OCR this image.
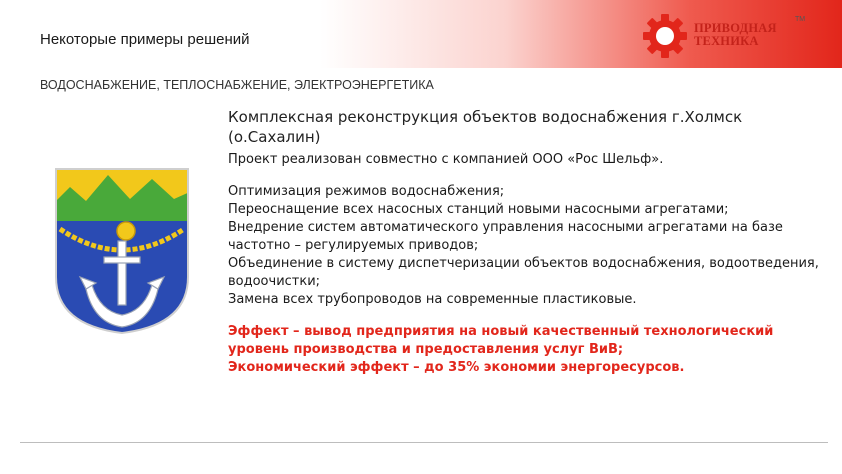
Некоторые примеры решений
ПРИВОДНАЯ
ТЕХНИКА
TM
ВОДОСНАБЖЕНИЕ, ТЕПЛОСНАБЖЕНИЕ, ЭЛЕКТРОЭНЕРГЕТИКА
Комплексная реконструкция объектов водоснабжения г.Холмск (о.Сахалин)
Проект реализован совместно с компанией ООО «Рос Шельф».
Оптимизация режимов водоснабжения;
Переоснащение всех насосных станций новыми насосными агрегатами;
Внедрение систем автоматического управления насосными агрегатами на базе частотно – регулируемых приводов;
Объединение в систему диспетчеризации объектов водоснабжения, водоотведения, водоочистки;
Замена всех трубопроводов на современные пластиковые.
Эффект – вывод предприятия на новый качественный технологический уровень производства и предоставления услуг ВиВ;
Экономический эффект – до 35% экономии энергоресурсов.
